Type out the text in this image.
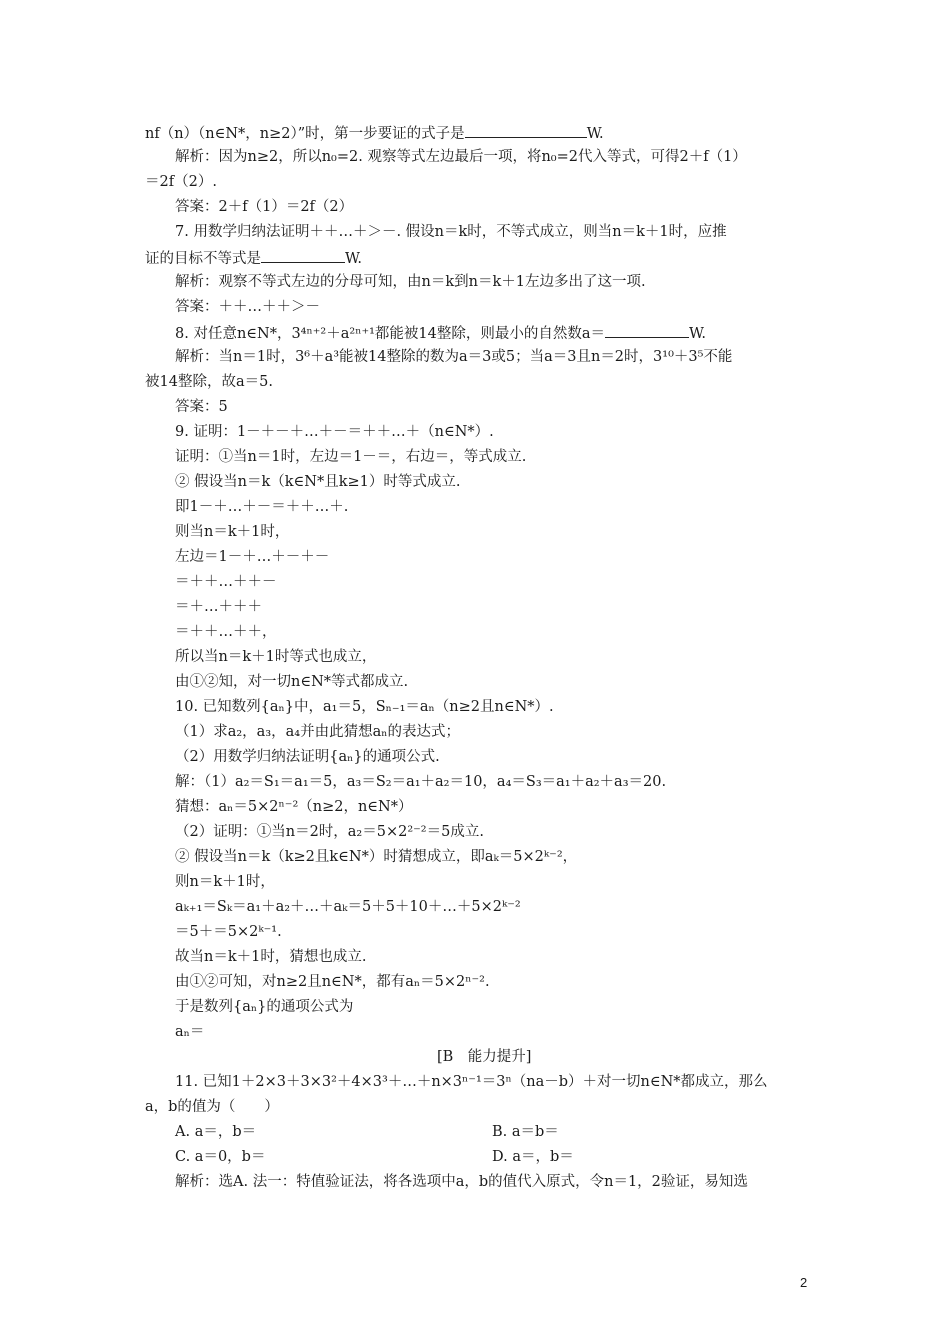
nf（n）（n∈N*，n≥2）”时，第一步要证的式子是	W.
解析：因为n≥2，所以n₀=2. 观察等式左边最后一项，将n₀=2代入等式，可得2＋f（1）
＝2f（2）.
答案：2＋f（1）＝2f（2）
7. 用数学归纳法证明＋＋…＋＞－. 假设n＝k时，不等式成立，则当n＝k＋1时，应推
证的目标不等式是	W.
解析：观察不等式左边的分母可知，由n＝k到n＝k＋1左边多出了这一项.
答案：＋＋…＋＋＞－
8. 对任意n∈N*，3⁴ⁿ⁺²＋a²ⁿ⁺¹都能被14整除，则最小的自然数a＝	W.
解析：当n＝1时，3⁶＋a³能被14整除的数为a＝3或5；当a＝3且n＝2时，3¹⁰＋3⁵不能
被14整除，故a＝5.
答案：5
9. 证明：1－＋－＋…＋－＝＋＋…＋（n∈N*）.
证明：①当n＝1时，左边＝1－＝，右边＝，等式成立.
② 假设当n＝k（k∈N*且k≥1）时等式成立.
即1－＋…＋－＝＋＋…＋.
则当n＝k＋1时，
左边＝1－＋…＋－＋－
＝＋＋…＋＋－
＝＋…＋＋＋
＝＋＋…＋＋，
所以当n＝k＋1时等式也成立，
由①②知，对一切n∈N*等式都成立.
10. 已知数列{aₙ}中，a₁＝5，Sₙ₋₁＝aₙ（n≥2且n∈N*）.
（1）求a₂，a₃，a₄并由此猜想aₙ的表达式；
（2）用数学归纳法证明{aₙ}的通项公式.
解：（1）a₂＝S₁＝a₁＝5，a₃＝S₂＝a₁＋a₂＝10，a₄＝S₃＝a₁＋a₂＋a₃＝20.
猜想：aₙ＝5×2ⁿ⁻²（n≥2，n∈N*）
（2）证明：①当n＝2时，a₂＝5×2²⁻²＝5成立.
② 假设当n＝k（k≥2且k∈N*）时猜想成立，即aₖ＝5×2ᵏ⁻²，
则n＝k＋1时，
aₖ₊₁＝Sₖ＝a₁＋a₂＋…＋aₖ＝5＋5＋10＋…＋5×2ᵏ⁻²
＝5＋＝5×2ᵏ⁻¹.
故当n＝k＋1时，猜想也成立.
由①②可知，对n≥2且n∈N*，都有aₙ＝5×2ⁿ⁻².
于是数列{aₙ}的通项公式为
aₙ＝
[B　能力提升]
11. 已知1＋2×3＋3×3²＋4×3³＋…＋n×3ⁿ⁻¹＝3ⁿ（na－b）＋对一切n∈N*都成立，那么
a，b的值为（　　）
A. a＝，b＝	B. a＝b＝
C. a＝0，b＝	D. a＝，b＝
解析：选A. 法一：特值验证法，将各选项中a，b的值代入原式，令n＝1，2验证，易知选
2
